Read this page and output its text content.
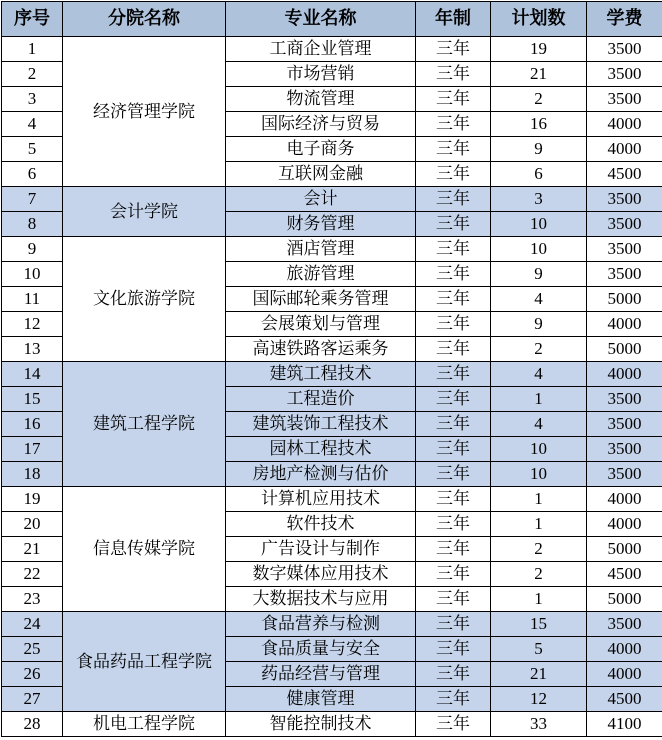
序号	分院名称	专业名称	年制	计划数	学费
1	经济管理学院	工商企业管理	三年	19	3500
2		市场营销	三年	21	3500
3		物流管理	三年	2	3500
4		国际经济与贸易	三年	16	4000
5		电子商务	三年	9	4000
6		互联网金融	三年	6	4500
7	会计学院	会计	三年	3	3500
8		财务管理	三年	10	3500
9	文化旅游学院	酒店管理	三年	10	3500
10		旅游管理	三年	9	3500
11		国际邮轮乘务管理	三年	4	5000
12		会展策划与管理	三年	9	4000
13		高速铁路客运乘务	三年	2	5000
14	建筑工程学院	建筑工程技术	三年	4	4000
15		工程造价	三年	1	3500
16		建筑装饰工程技术	三年	4	3500
17		园林工程技术	三年	10	3500
18		房地产检测与估价	三年	10	3500
19	信息传媒学院	计算机应用技术	三年	1	4000
20		软件技术	三年	1	4000
21		广告设计与制作	三年	2	5000
22		数字媒体应用技术	三年	2	4500
23		大数据技术与应用	三年	1	5000
24	食品药品工程学院	食品营养与检测	三年	15	3500
25		食品质量与安全	三年	5	4000
26		药品经营与管理	三年	21	4000
27		健康管理	三年	12	4500
28	机电工程学院	智能控制技术	三年	33	4100
